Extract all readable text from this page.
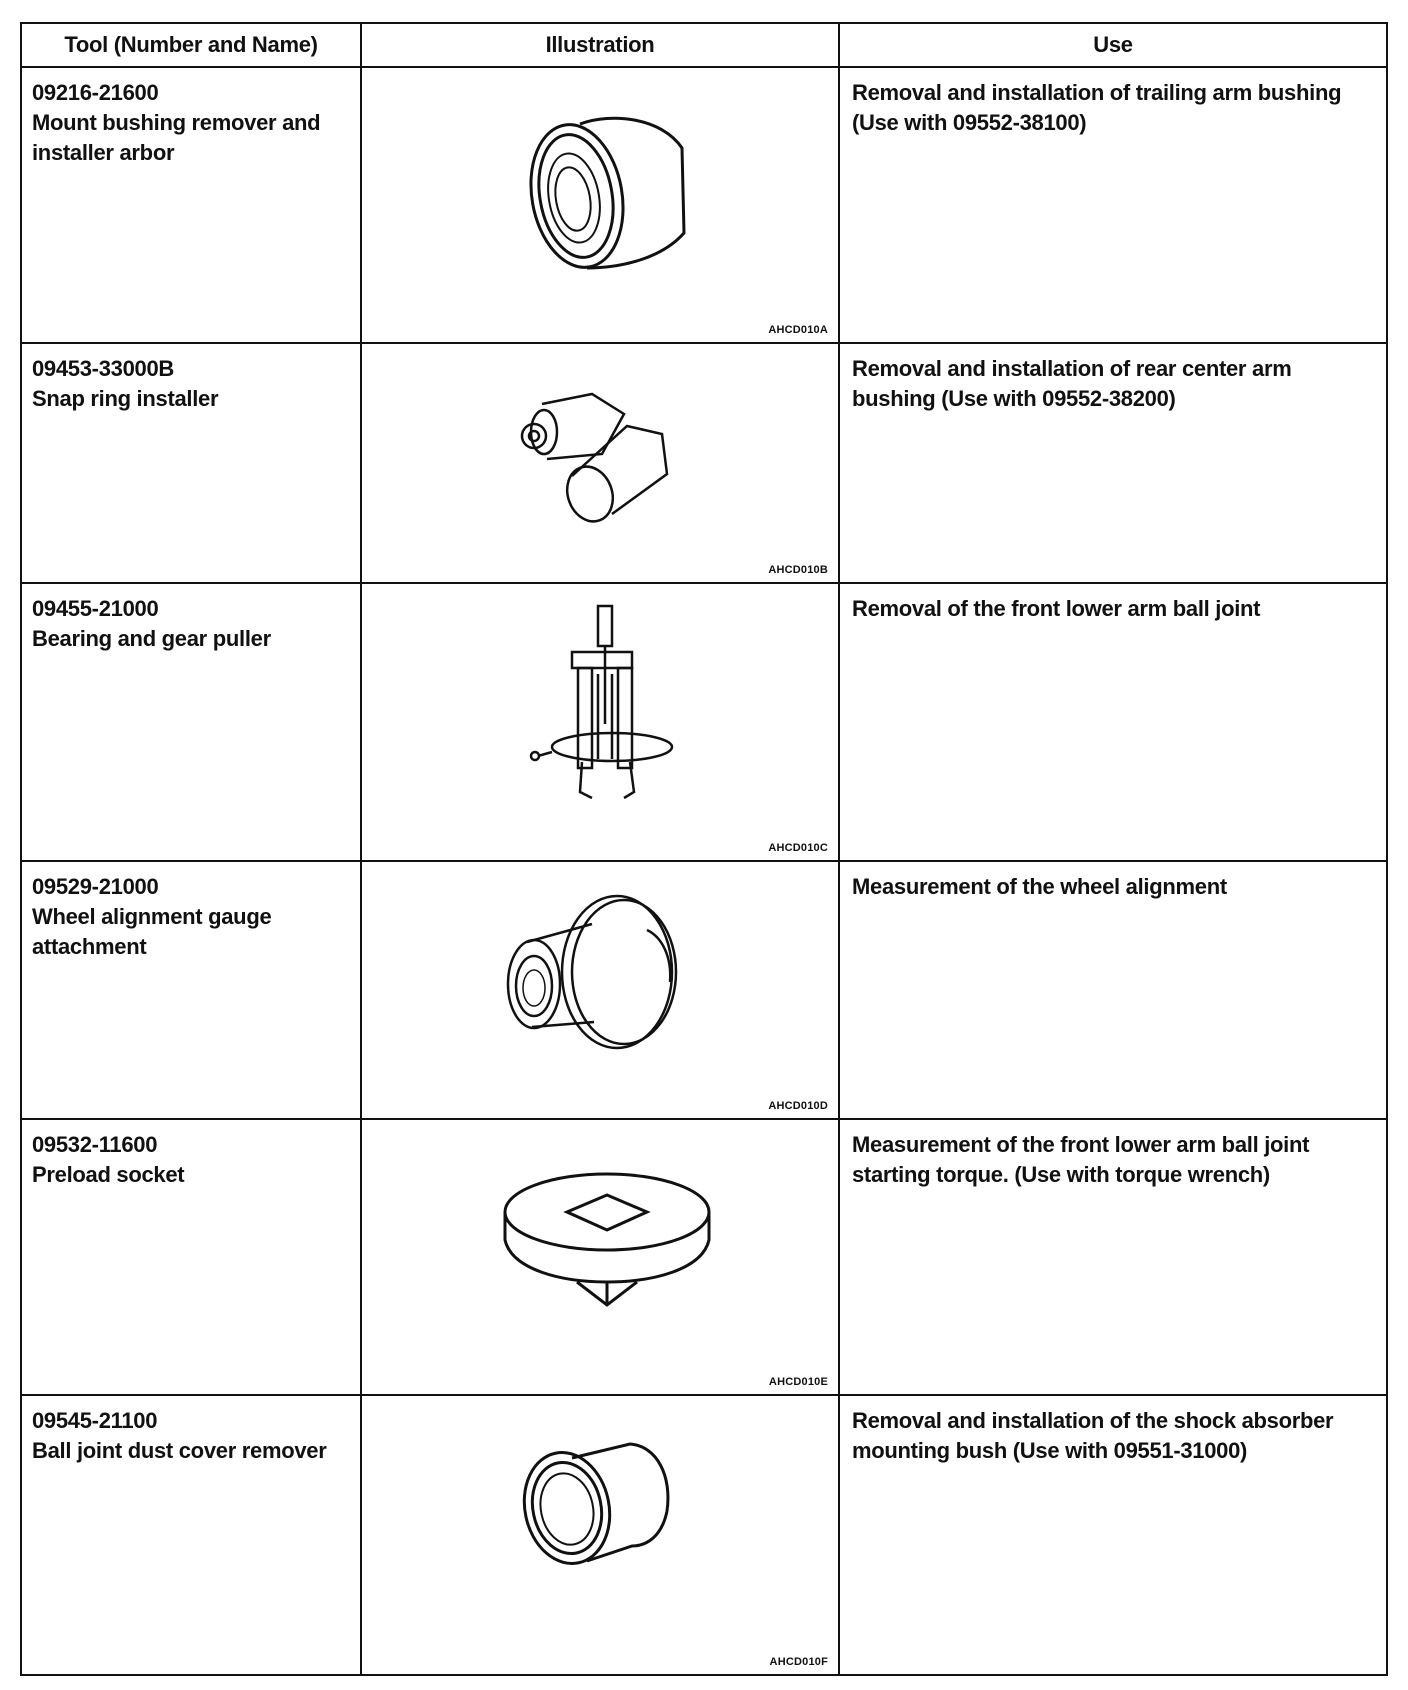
Tool (Number and Name)	Illustration	Use
09216-21600
Mount bushing remover and installer arbor
AHCD010A
Removal and installation of trailing arm bushing (Use with 09552-38100)
09453-33000B
Snap ring installer
AHCD010B
Removal and installation of rear center arm bushing (Use with 09552-38200)
09455-21000
Bearing and gear puller
AHCD010C
Removal of the front lower arm ball joint
09529-21000
Wheel alignment gauge attachment
AHCD010D
Measurement of the wheel alignment
09532-11600
Preload socket
AHCD010E
Measurement of the front lower arm ball joint starting torque. (Use with torque wrench)
09545-21100
Ball joint dust cover remover
AHCD010F
Removal and installation of the shock absorber mounting bush (Use with 09551-31000)
